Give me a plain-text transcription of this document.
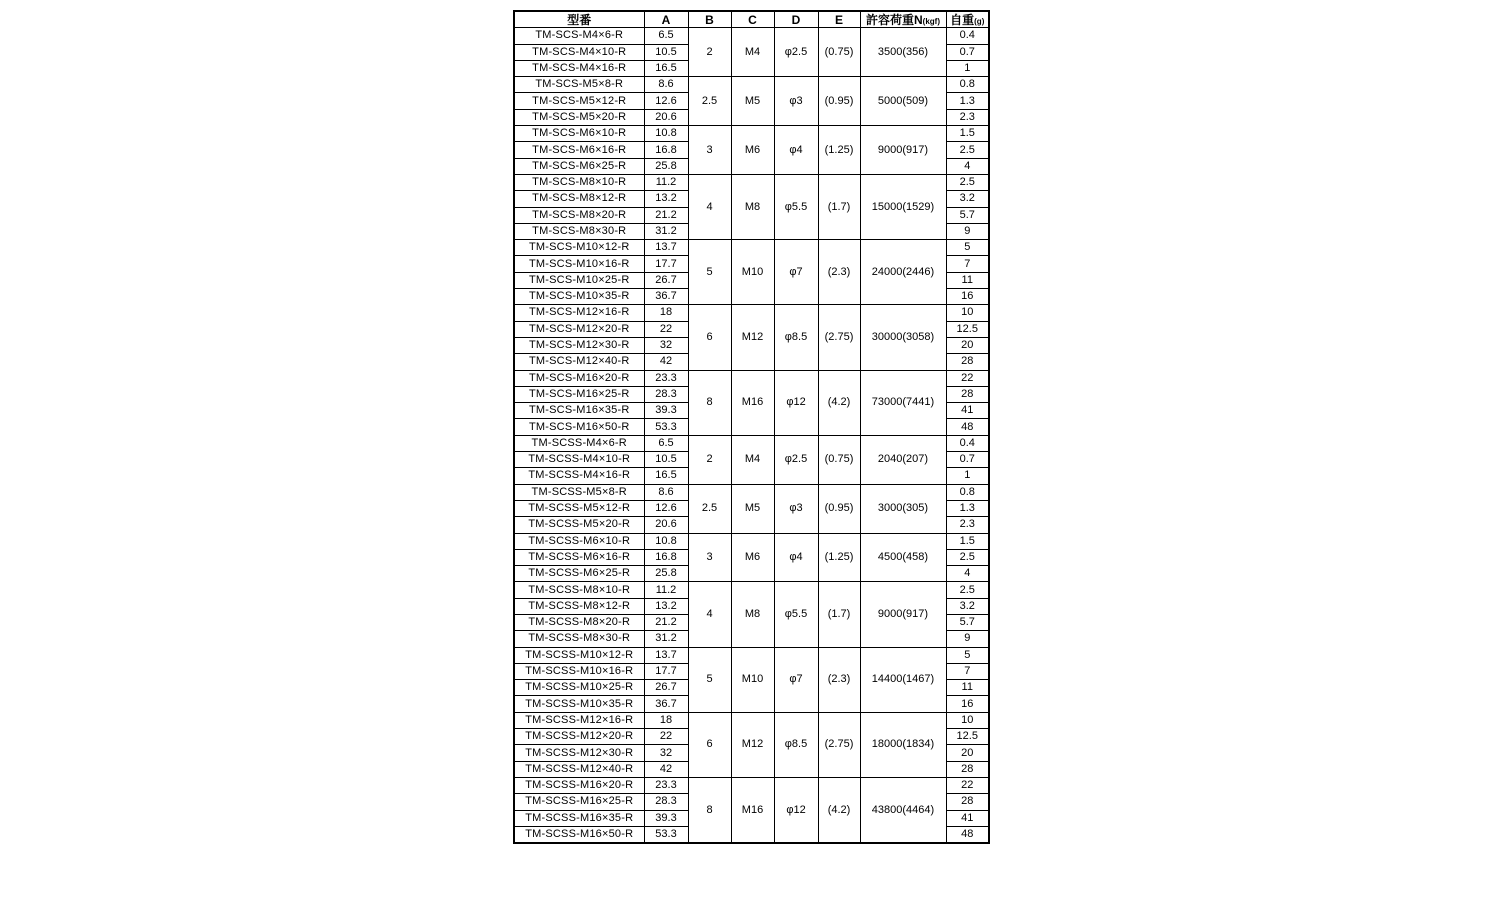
型番	A	B	C	D	E	許容荷重N(kgf)	自重(g)
TM-SCS-M4×6-R	6.5	2	M4	φ2.5	(0.75)	3500(356)	0.4
TM-SCS-M4×10-R	10.5						0.7
TM-SCS-M4×16-R	16.5						1
TM-SCS-M5×8-R	8.6	2.5	M5	φ3	(0.95)	5000(509)	0.8
TM-SCS-M5×12-R	12.6						1.3
TM-SCS-M5×20-R	20.6						2.3
TM-SCS-M6×10-R	10.8	3	M6	φ4	(1.25)	9000(917)	1.5
TM-SCS-M6×16-R	16.8						2.5
TM-SCS-M6×25-R	25.8						4
TM-SCS-M8×10-R	11.2	4	M8	φ5.5	(1.7)	15000(1529)	2.5
TM-SCS-M8×12-R	13.2						3.2
TM-SCS-M8×20-R	21.2						5.7
TM-SCS-M8×30-R	31.2						9
TM-SCS-M10×12-R	13.7	5	M10	φ7	(2.3)	24000(2446)	5
TM-SCS-M10×16-R	17.7						7
TM-SCS-M10×25-R	26.7						11
TM-SCS-M10×35-R	36.7						16
TM-SCS-M12×16-R	18	6	M12	φ8.5	(2.75)	30000(3058)	10
TM-SCS-M12×20-R	22						12.5
TM-SCS-M12×30-R	32						20
TM-SCS-M12×40-R	42						28
TM-SCS-M16×20-R	23.3	8	M16	φ12	(4.2)	73000(7441)	22
TM-SCS-M16×25-R	28.3						28
TM-SCS-M16×35-R	39.3						41
TM-SCS-M16×50-R	53.3						48
TM-SCSS-M4×6-R	6.5	2	M4	φ2.5	(0.75)	2040(207)	0.4
TM-SCSS-M4×10-R	10.5						0.7
TM-SCSS-M4×16-R	16.5						1
TM-SCSS-M5×8-R	8.6	2.5	M5	φ3	(0.95)	3000(305)	0.8
TM-SCSS-M5×12-R	12.6						1.3
TM-SCSS-M5×20-R	20.6						2.3
TM-SCSS-M6×10-R	10.8	3	M6	φ4	(1.25)	4500(458)	1.5
TM-SCSS-M6×16-R	16.8						2.5
TM-SCSS-M6×25-R	25.8						4
TM-SCSS-M8×10-R	11.2	4	M8	φ5.5	(1.7)	9000(917)	2.5
TM-SCSS-M8×12-R	13.2						3.2
TM-SCSS-M8×20-R	21.2						5.7
TM-SCSS-M8×30-R	31.2						9
TM-SCSS-M10×12-R	13.7	5	M10	φ7	(2.3)	14400(1467)	5
TM-SCSS-M10×16-R	17.7						7
TM-SCSS-M10×25-R	26.7						11
TM-SCSS-M10×35-R	36.7						16
TM-SCSS-M12×16-R	18	6	M12	φ8.5	(2.75)	18000(1834)	10
TM-SCSS-M12×20-R	22						12.5
TM-SCSS-M12×30-R	32						20
TM-SCSS-M12×40-R	42						28
TM-SCSS-M16×20-R	23.3	8	M16	φ12	(4.2)	43800(4464)	22
TM-SCSS-M16×25-R	28.3						28
TM-SCSS-M16×35-R	39.3						41
TM-SCSS-M16×50-R	53.3						48
